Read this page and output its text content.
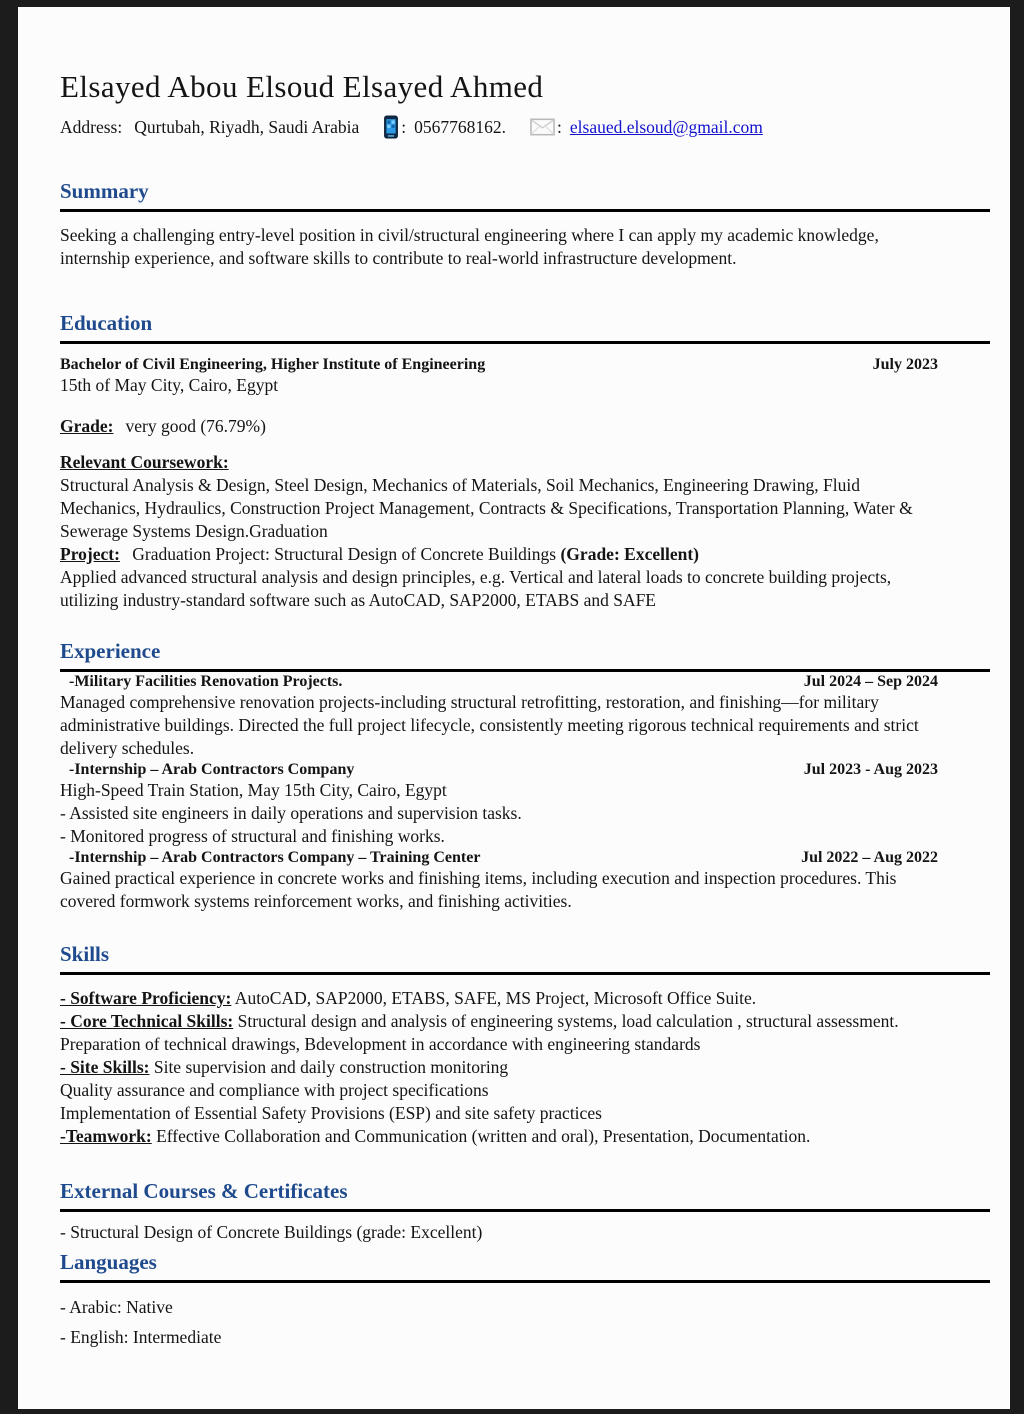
Elsayed Abou Elsoud Elsayed Ahmed
Address: Qurtubah, Riyadh, Saudi Arabia : 0567768162.	: elsaued.elsoud@gmail.com
Summary

Seeking a challenging entry-level position in civil/structural engineering where I can apply my academic knowledge, internship experience, and software skills to contribute to real-world infrastructure development.

Education
Bachelor of Civil Engineering, Higher Institute of Engineering	July 2023
15th of May City, Cairo, Egypt
Grade: very good (76.79%)
Relevant Coursework:

Structural Analysis & Design, Steel Design, Mechanics of Materials, Soil Mechanics, Engineering Drawing, Fluid Mechanics, Hydraulics, Construction Project Management, Contracts & Specifications, Transportation Planning, Water & Sewerage Systems Design.Graduation

Project: Graduation Project: Structural Design of Concrete Buildings (Grade: Excellent)

Applied advanced structural analysis and design principles, e.g. Vertical and lateral loads to concrete building projects, utilizing industry-standard software such as AutoCAD, SAP2000, ETABS and SAFE

Experience
-Military Facilities Renovation Projects.	Jul 2024 – Sep 2024

Managed comprehensive renovation projects-including structural retrofitting, restoration, and finishing—for military administrative buildings. Directed the full project lifecycle, consistently meeting rigorous technical requirements and strict delivery schedules.

-Internship – Arab Contractors Company	Jul 2023 - Aug 2023
High-Speed Train Station, May 15th City, Cairo, Egypt
- Assisted site engineers in daily operations and supervision tasks.
- Monitored progress of structural and finishing works.
-Internship – Arab Contractors Company – Training Center	Jul 2022 – Aug 2022

Gained practical experience in concrete works and finishing items, including execution and inspection procedures. This covered formwork systems reinforcement works, and finishing activities.

Skills
- Software Proficiency: AutoCAD, SAP2000, ETABS, SAFE, MS Project, Microsoft Office Suite.
- Core Technical Skills: Structural design and analysis of engineering systems, load calculation , structural assessment. Preparation of technical drawings, Bdevelopment in accordance with engineering standards
- Site Skills: Site supervision and daily construction monitoring
Quality assurance and compliance with project specifications
Implementation of Essential Safety Provisions (ESP) and site safety practices
-Teamwork: Effective Collaboration and Communication (written and oral), Presentation, Documentation.
External Courses & Certificates
- Structural Design of Concrete Buildings (grade: Excellent)
Languages
- Arabic: Native
- English: Intermediate
